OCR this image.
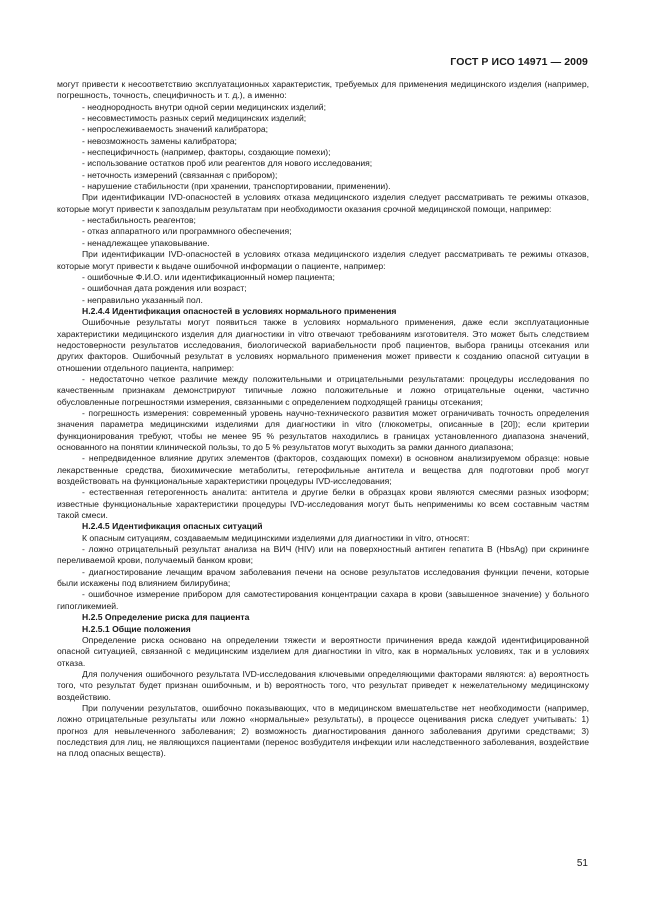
ГОСТ Р ИСО 14971 — 2009

могут привести к несоответствию эксплуатационных характеристик, требуемых для применения медицинского изделия (например, погрешность, точность, специфичность и т. д.), а именно:

- неоднородность внутри одной серии медицинских изделий;

- несовместимость разных серий медицинских изделий;

- непрослеживаемость значений калибратора;

- невозможность замены калибратора;

- неспецифичность (например, факторы, создающие помехи);

- использование остатков проб или реагентов для нового исследования;

- неточность измерений (связанная с прибором);

- нарушение стабильности (при хранении, транспортировании, применении).

При идентификации IVD-опасностей в условиях отказа медицинского изделия следует рассматривать те режимы отказов, которые могут привести к запоздалым результатам при необходимости оказания срочной медицинской помощи, например:

- нестабильность реагентов;

- отказ аппаратного или программного обеспечения;

- ненадлежащее упаковывание.

При идентификации IVD-опасностей в условиях отказа медицинского изделия следует рассматривать те режимы отказов, которые могут привести к выдаче ошибочной информации о пациенте, например:

- ошибочные Ф.И.О. или идентификационный номер пациента;

- ошибочная дата рождения или возраст;

- неправильно указанный пол.

Н.2.4.4 Идентификация опасностей в условиях нормального применения

Ошибочные результаты могут появиться также в условиях нормального применения, даже если эксплуатационные характеристики медицинского изделия для диагностики in vitro отвечают требованиям изготовителя. Это может быть следствием недостоверности результатов исследования, биологической вариабельности проб пациентов, выбора границы отсекания или других факторов. Ошибочный результат в условиях нормального применения может привести к созданию опасной ситуации в отношении отдельного пациента, например:

- недостаточно четкое различие между положительными и отрицательными результатами: процедуры исследования по качественным признакам демонстрируют типичные ложно положительные и ложно отрицательные оценки, частично обусловленные погрешностями измерения, связанными с определением подходящей границы отсекания;

- погрешность измерения: современный уровень научно-технического развития может ограничивать точность определения значения параметра медицинскими изделиями для диагностики in vitro (глюкометры, описанные в [20]); если критерии функционирования требуют, чтобы не менее 95 % результатов находились в границах установленного диапазона значений, основанного на понятии клинической пользы, то до 5 % результатов могут выходить за рамки данного диапазона;

- непредвиденное влияние других элементов (факторов, создающих помехи) в основном анализируемом образце: новые лекарственные средства, биохимические метаболиты, гетерофильные антитела и вещества для подготовки проб могут воздействовать на функциональные характеристики процедуры IVD-исследования;

- естественная гетерогенность аналита: антитела и другие белки в образцах крови являются смесями разных изоформ; известные функциональные характеристики процедуры IVD-исследования могут быть неприменимы ко всем составным частям такой смеси.

Н.2.4.5 Идентификация опасных ситуаций

К опасным ситуациям, создаваемым медицинскими изделиями для диагностики in vitro, относят:

- ложно отрицательный результат анализа на ВИЧ (HIV) или на поверхностный антиген гепатита В (HbsAg) при скрининге переливаемой крови, получаемый банком крови;

- диагностирование лечащим врачом заболевания печени на основе результатов исследования функции печени, которые были искажены под влиянием билирубина;

- ошибочное измерение прибором для самотестирования концентрации сахара в крови (завышенное значение) у больного гипогликемией.

Н.2.5 Определение риска для пациента

Н.2.5.1 Общие положения

Определение риска основано на определении тяжести и вероятности причинения вреда каждой идентифицированной опасной ситуацией, связанной с медицинским изделием для диагностики in vitro, как в нормальных условиях, так и в условиях отказа.

Для получения ошибочного результата IVD-исследования ключевыми определяющими факторами являются: а) вероятность того, что результат будет признан ошибочным, и b) вероятность того, что результат приведет к нежелательному медицинскому воздействию.

При получении результатов, ошибочно показывающих, что в медицинском вмешательстве нет необходимости (например, ложно отрицательные результаты или ложно «нормальные» результаты), в процессе оценивания риска следует учитывать: 1) прогноз для невылеченного заболевания; 2) возможность диагностирования данного заболевания другими средствами; 3) последствия для лиц, не являющихся пациентами (перенос возбудителя инфекции или наследственного заболевания, воздействие на плод опасных веществ).

51
